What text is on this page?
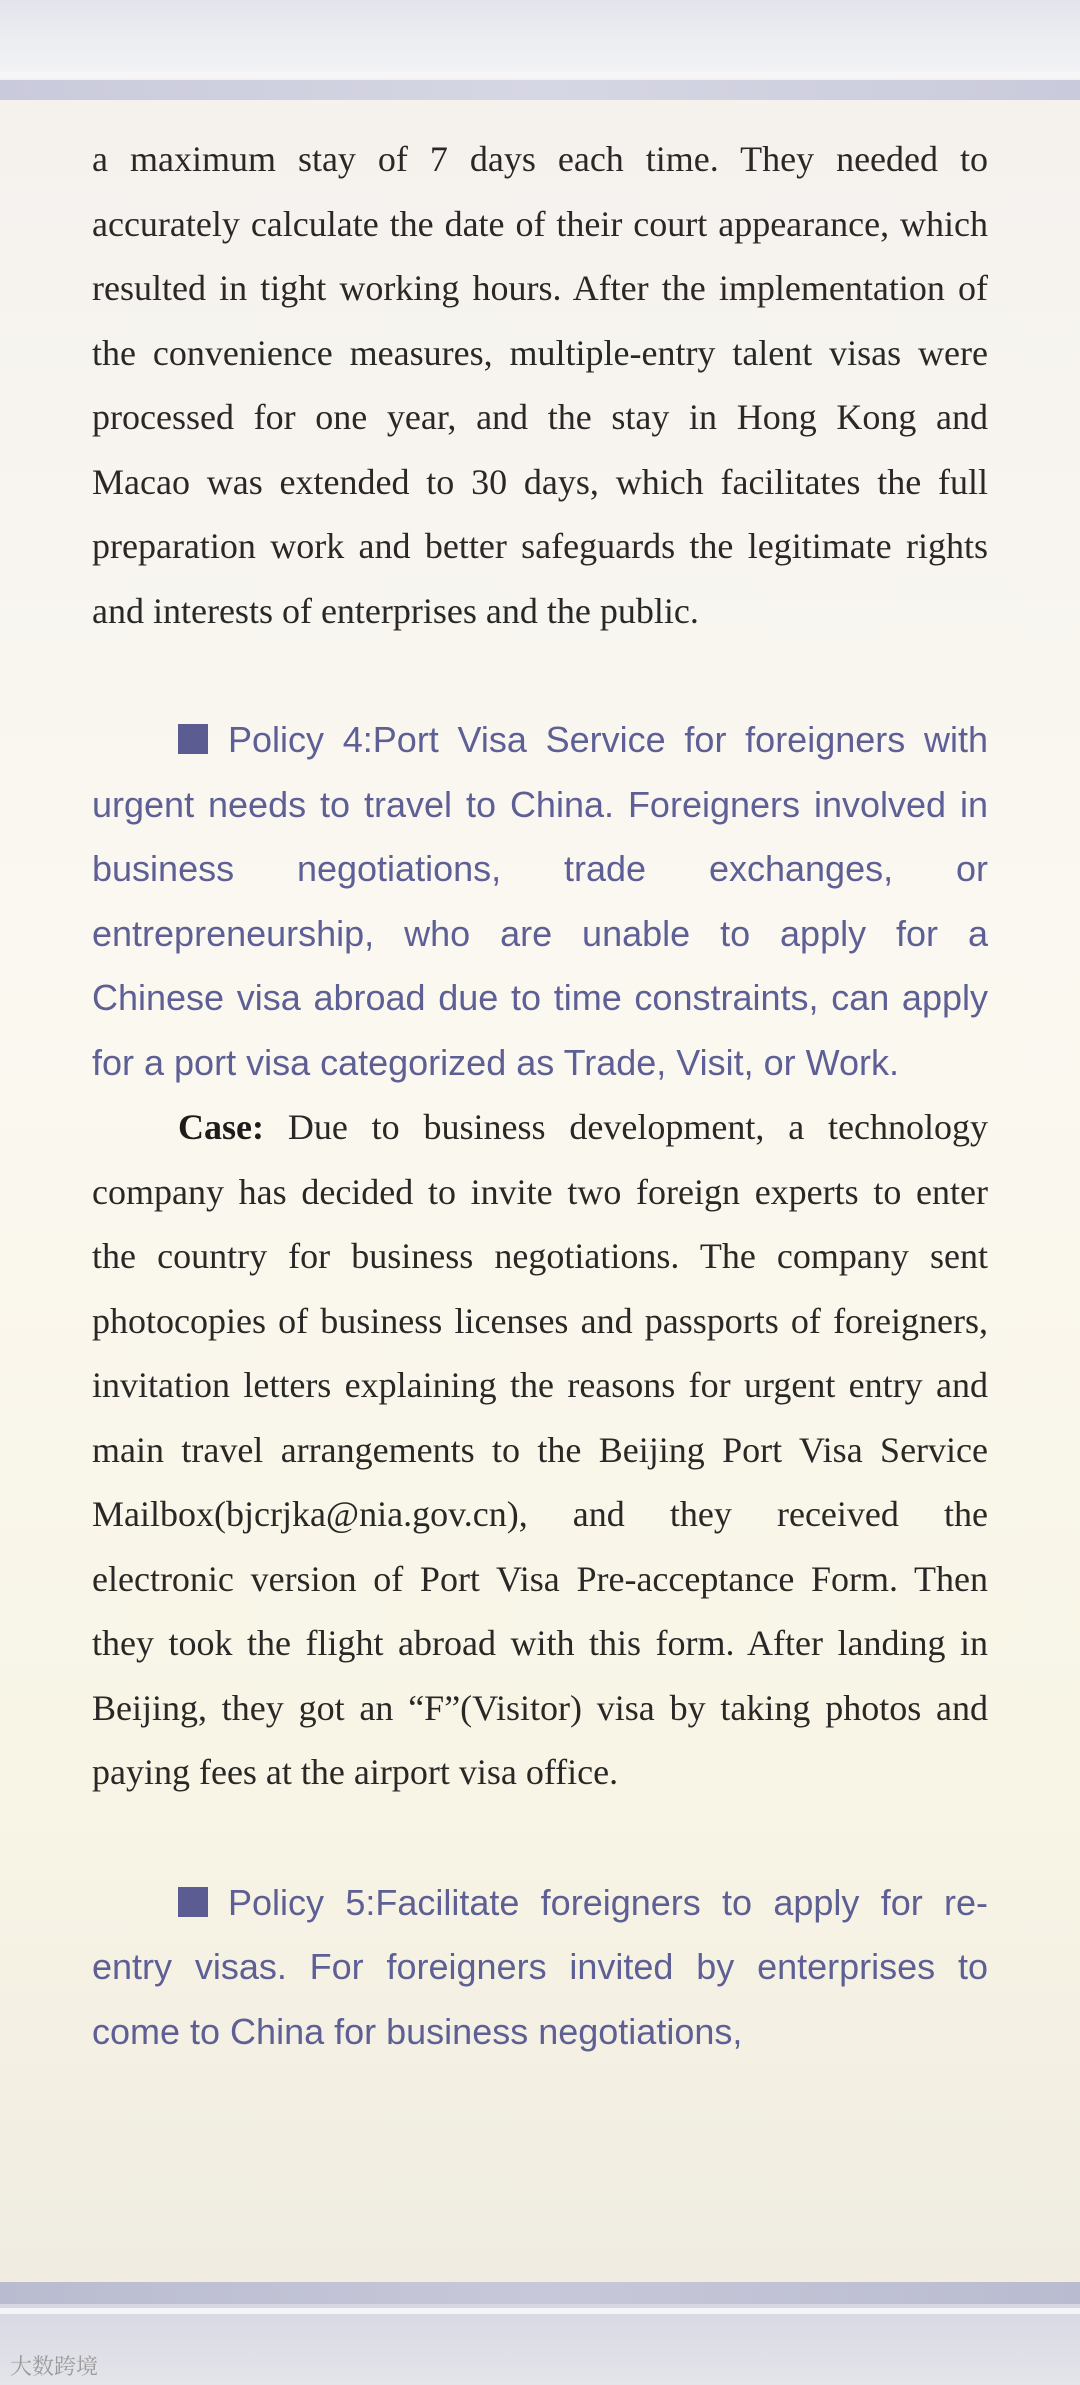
a maximum stay of 7 days each time. They needed to accurately calculate the date of their court appearance, which resulted in tight working hours. After the implementation of the convenience measures, multiple-entry talent visas were processed for one year, and the stay in Hong Kong and Macao was extended to 30 days, which facilitates the full preparation work and better safeguards the legitimate rights and interests of enterprises and the public.

Policy 4:Port Visa Service for foreigners with urgent needs to travel to China. Foreigners involved in business negotiations, trade exchanges, or entrepreneurship, who are unable to apply for a Chinese visa abroad due to time constraints, can apply for a port visa categorized as Trade, Visit, or Work.

Case: Due to business development, a technology company has decided to invite two foreign experts to enter the country for business negotiations. The company sent photocopies of business licenses and passports of foreigners, invitation letters explaining the reasons for urgent entry and main travel arrangements to the Beijing Port Visa Service Mailbox(bjcrjka@nia.gov.cn), and they received the electronic version of Port Visa Pre-acceptance Form. Then they took the flight abroad with this form. After landing in Beijing, they got an “F”(Visitor) visa by taking photos and paying fees at the airport visa office.

Policy 5:Facilitate foreigners to apply for re-entry visas. For foreigners invited by enterprises to come to China for business negotiations,

大数跨境
